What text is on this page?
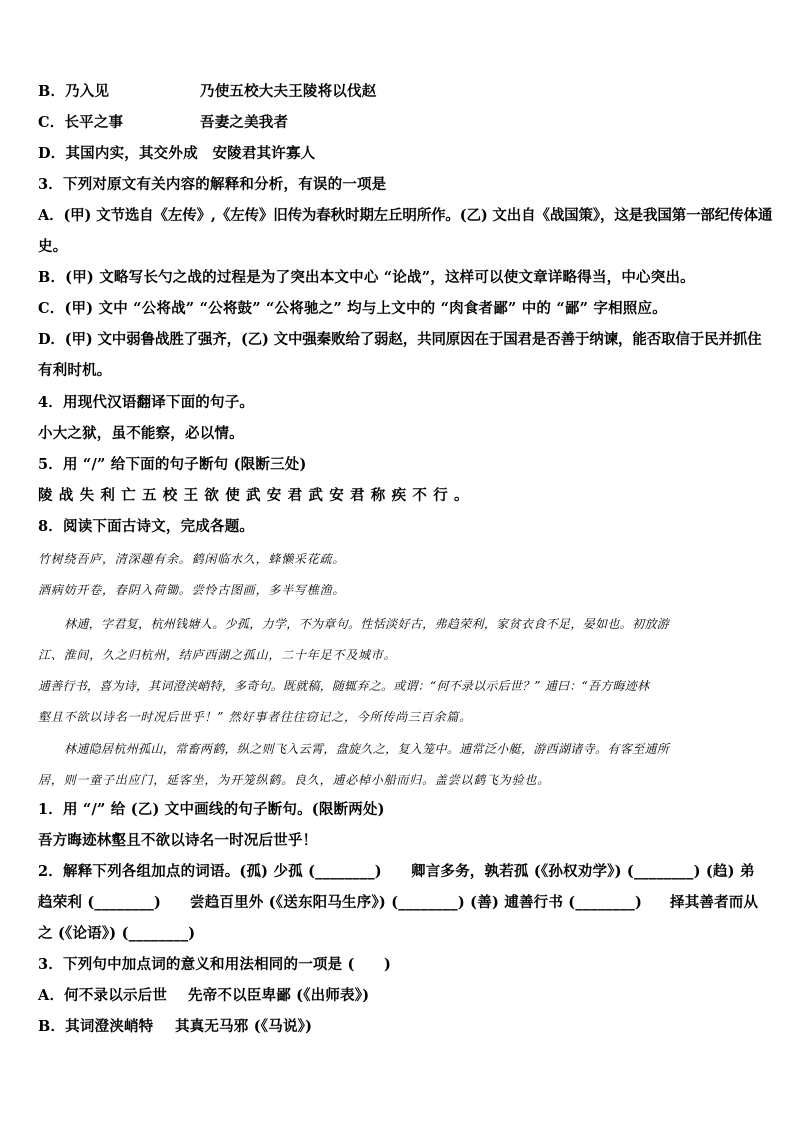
B．乃入见	乃使五校大夫王陵将以伐赵
C．长平之事	吾妻之美我者
D．其国内实，其交外成　安陵君其许寡人
3．下列对原文有关内容的解释和分析，有误的一项是
A．(甲) 文节选自《左传》,《左传》旧传为春秋时期左丘明所作。(乙) 文出自《战国策》，这是我国第一部纪传体通
史。
B．(甲) 文略写长勺之战的过程是为了突出本文中心 “论战”，这样可以使文章详略得当，中心突出。
C．(甲) 文中 “公将战” “公将鼓” “公将驰之” 均与上文中的 “肉食者鄙” 中的 “鄙” 字相照应。
D．(甲) 文中弱鲁战胜了强齐，(乙) 文中强秦败给了弱赵，共同原因在于国君是否善于纳谏，能否取信于民并抓住
有利时机。
4．用现代汉语翻译下面的句子。
小大之狱，虽不能察，必以情。
5．用 “/” 给下面的句子断句 (限断三处)
陵战失利亡五校王欲使武安君武安君称疾不行。
8．阅读下面古诗文，完成各题。
竹树绕吾庐，清深趣有余。鹤闲临水久，蜂懒采花疏。
酒病妨开卷，春阴入荷锄。尝怜古图画，多半写樵渔。
林逋，字君复，杭州钱塘人。少孤，力学，不为章句。性恬淡好古，弗趋荣利，家贫衣食不足，晏如也。初放游
江、淮间，久之归杭州，结庐西湖之孤山，二十年足不及城市。
逋善行书，喜为诗，其词澄浃峭特，多奇句。既就稿，随辄弃之。或谓：“何不录以示后世？” 逋曰：“吾方晦迹林
壑且不欲以诗名一时况后世乎！” 然好事者往往窃记之，今所传尚三百余篇。
林逋隐居杭州孤山，常畜两鹤，纵之则飞入云霄，盘旋久之，复入笼中。逋常泛小艇，游西湖诸寺。有客至逋所
居，则一童子出应门，延客坐，为开笼纵鹤。良久，逋必棹小船而归。盖尝以鹤飞为验也。
1．用 “/” 给 (乙) 文中画线的句子断句。(限断两处)
吾方晦迹林壑且不欲以诗名一时况后世乎！
2．解释下列各组加点的词语。(孤) 少孤 (________) 卿言多务，孰若孤 (《孙权劝学》) (________) (趋) 弟
趋荣利 (________) 尝趋百里外 (《送东阳马生序》) (________) (善) 逋善行书 (________) 择其善者而从
之 (《论语》) (________)
3．下列句中加点词的意义和用法相同的一项是 (　　)
A．何不录以示后世 先帝不以臣卑鄙 (《出师表》)
B．其词澄浃峭特 其真无马邪 (《马说》)
